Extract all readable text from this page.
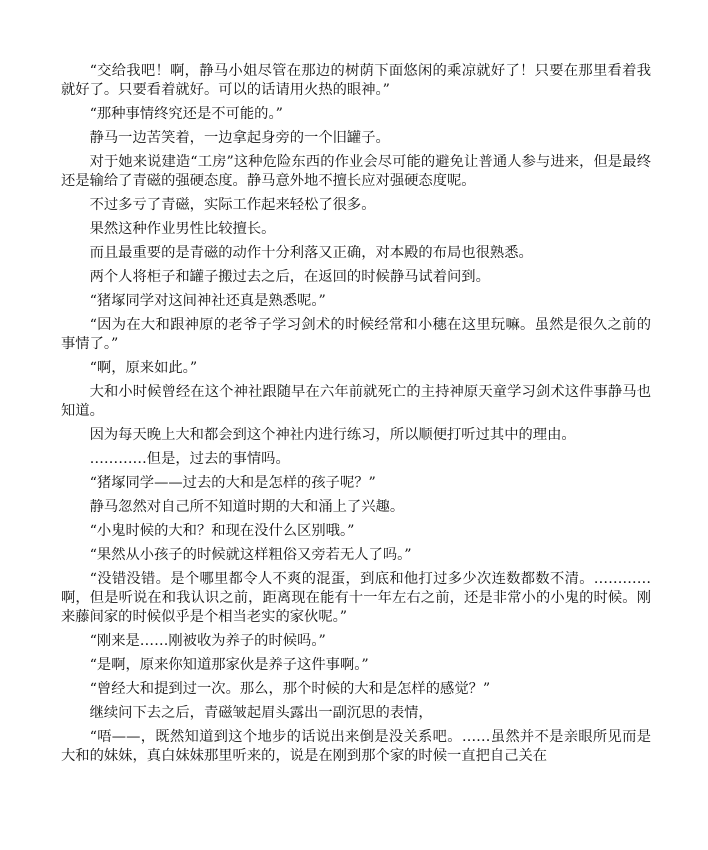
“交给我吧！啊，静马小姐尽管在那边的树荫下面悠闲的乘凉就好了！只要在那里看着我就好了。只要看着就好。可以的话请用火热的眼神。”

“那种事情终究还是不可能的。”

静马一边苦笑着，一边拿起身旁的一个旧罐子。

对于她来说建造“工房”这种危险东西的作业会尽可能的避免让普通人参与进来，但是最终还是输给了青磁的强硬态度。静马意外地不擅长应对强硬态度呢。

不过多亏了青磁，实际工作起来轻松了很多。

果然这种作业男性比较擅长。

而且最重要的是青磁的动作十分利落又正确，对本殿的布局也很熟悉。

两个人将柜子和罐子搬过去之后，在返回的时候静马试着问到。

“猪塚同学对这间神社还真是熟悉呢。”

“因为在大和跟神原的老爷子学习剑术的时候经常和小穗在这里玩嘛。虽然是很久之前的事情了。”

“啊，原来如此。”

大和小时候曾经在这个神社跟随早在六年前就死亡的主持神原天童学习剑术这件事静马也知道。

因为每天晚上大和都会到这个神社内进行练习，所以顺便打听过其中的理由。

…………但是，过去的事情吗。

“猪塚同学——过去的大和是怎样的孩子呢？”

静马忽然对自己所不知道时期的大和涌上了兴趣。

“小鬼时候的大和？和现在没什么区别哦。”

“果然从小孩子的时候就这样粗俗又旁若无人了吗。”

“没错没错。是个哪里都令人不爽的混蛋，到底和他打过多少次连数都数不清。…………啊，但是听说在和我认识之前，距离现在能有十一年左右之前，还是非常小的小鬼的时候。刚来藤间家的时候似乎是个相当老实的家伙呢。”

“刚来是……刚被收为养子的时候吗。”

“是啊，原来你知道那家伙是养子这件事啊。”

“曾经大和提到过一次。那么，那个时候的大和是怎样的感觉？”

继续问下去之后，青磁皱起眉头露出一副沉思的表情，

“唔——，既然知道到这个地步的话说出来倒是没关系吧。……虽然并不是亲眼所见而是大和的妹妹，真白妹妹那里听来的，说是在刚到那个家的时候一直把自己关在
